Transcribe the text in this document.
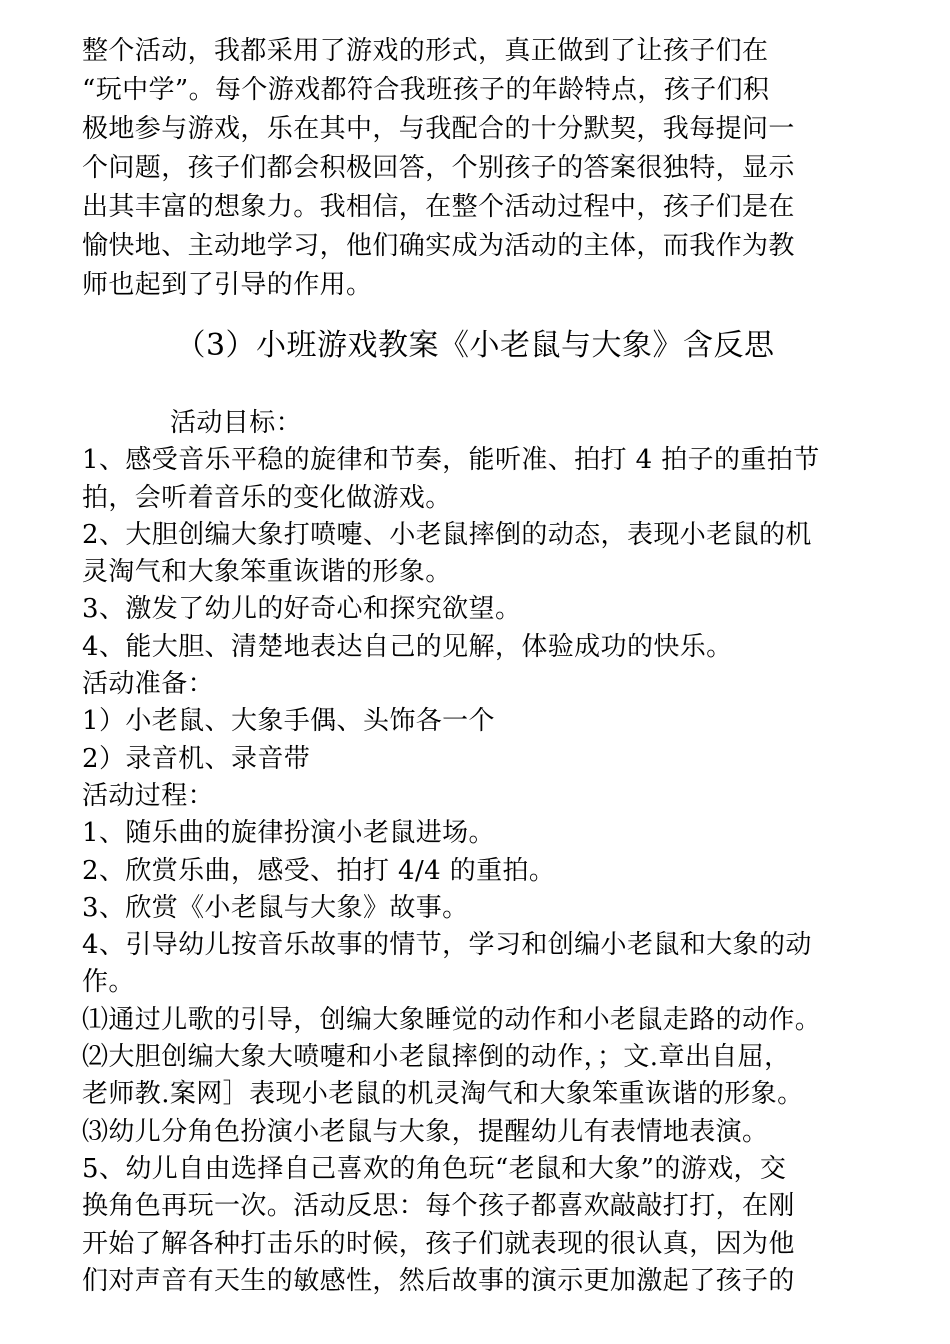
整个活动，我都采用了游戏的形式，真正做到了让孩子们在
“玩中学”。每个游戏都符合我班孩子的年龄特点，孩子们积
极地参与游戏，乐在其中，与我配合的十分默契，我每提问一
个问题，孩子们都会积极回答，个别孩子的答案很独特，显示
出其丰富的想象力。我相信，在整个活动过程中，孩子们是在
愉快地、主动地学习，他们确实成为活动的主体，而我作为教
师也起到了引导的作用。
（3）小班游戏教案《小老鼠与大象》含反思
活动目标：
1、感受音乐平稳的旋律和节奏，能听准、拍打 4 拍子的重拍节
拍，会听着音乐的变化做游戏。
2、大胆创编大象打喷嚏、小老鼠摔倒的动态，表现小老鼠的机
灵淘气和大象笨重诙谐的形象。
3、激发了幼儿的好奇心和探究欲望。
4、能大胆、清楚地表达自己的见解，体验成功的快乐。
活动准备：
1）小老鼠、大象手偶、头饰各一个
2）录音机、录音带
活动过程：
1、随乐曲的旋律扮演小老鼠进场。
2、欣赏乐曲，感受、拍打 4/4 的重拍。
3、欣赏《小老鼠与大象》故事。
4、引导幼儿按音乐故事的情节，学习和创编小老鼠和大象的动
作。
⑴通过儿歌的引导，创编大象睡觉的动作和小老鼠走路的动作。
⑵大胆创编大象大喷嚏和小老鼠摔倒的动作，；文.章出自屈，
老师教.案网］表现小老鼠的机灵淘气和大象笨重诙谐的形象。
⑶幼儿分角色扮演小老鼠与大象，提醒幼儿有表情地表演。
5、幼儿自由选择自己喜欢的角色玩“老鼠和大象”的游戏，交
换角色再玩一次。活动反思：每个孩子都喜欢敲敲打打，在刚
开始了解各种打击乐的时候，孩子们就表现的很认真，因为他
们对声音有天生的敏感性，然后故事的演示更加激起了孩子的
